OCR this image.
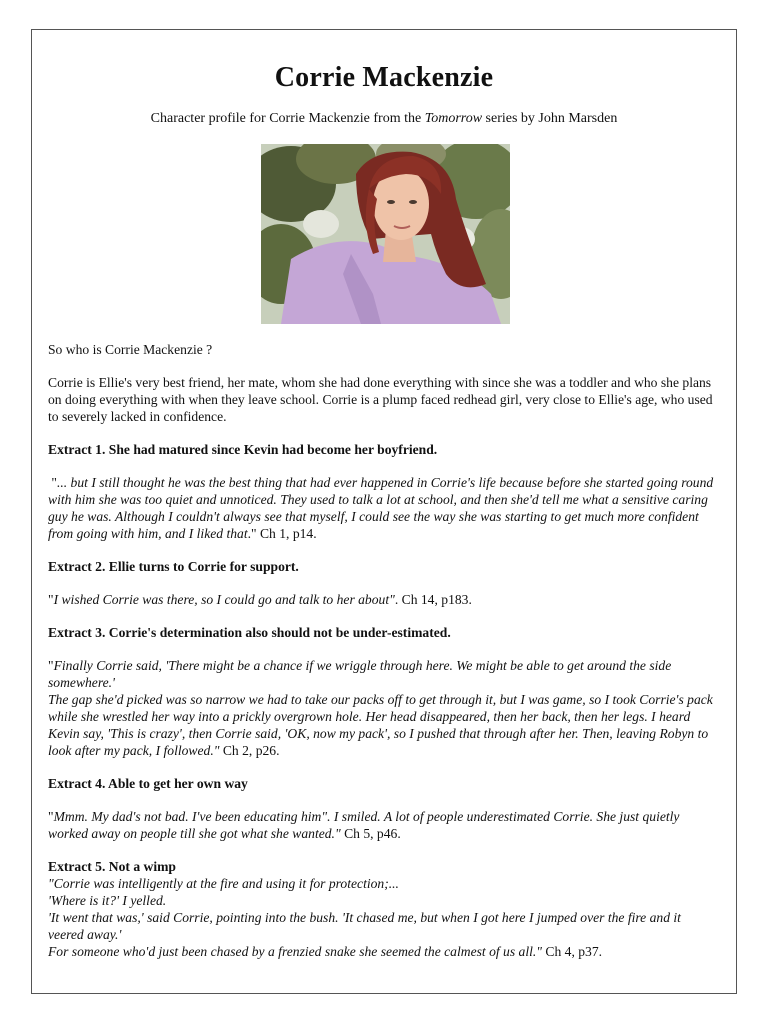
Corrie Mackenzie
Character profile for Corrie Mackenzie from the Tomorrow series by John Marsden

So who is Corrie Mackenzie ?

Corrie is Ellie's very best friend, her mate, whom she had done everything with since she was a toddler and who she plans on doing everything with when they leave school. Corrie is a plump faced redhead girl, very close to Ellie's age, who used to severely lacked in confidence.

Extract 1. She had matured since Kevin had become her boyfriend.

"... but I still thought he was the best thing that had ever happened in Corrie's life because before she started going round with him she was too quiet and unnoticed. They used to talk a lot at school, and then she'd tell me what a sensitive caring guy he was. Although I couldn't always see that myself, I could see the way she was starting to get much more confident from going with him, and I liked that." Ch 1, p14.

Extract 2. Ellie turns to Corrie for support.

"I wished Corrie was there, so I could go and talk to her about". Ch 14, p183.

Extract 3. Corrie's determination also should not be under-estimated.

"Finally Corrie said, 'There might be a chance if we wriggle through here. We might be able to get around the side somewhere.'
The gap she'd picked was so narrow we had to take our packs off to get through it, but I was game, so I took Corrie's pack while she wrestled her way into a prickly overgrown hole. Her head disappeared, then her back, then her legs. I heard Kevin say, 'This is crazy', then Corrie said, 'OK, now my pack', so I pushed that through after her. Then, leaving Robyn to look after my pack, I followed." Ch 2, p26.

Extract 4. Able to get her own way

"Mmm. My dad's not bad. I've been educating him". I smiled. A lot of people underestimated Corrie. She just quietly worked away on people till she got what she wanted." Ch 5, p46.

Extract 5. Not a wimp

"Corrie was intelligently at the fire and using it for protection;...
'Where is it?' I yelled.
'It went that was,' said Corrie, pointing into the bush. 'It chased me, but when I got here I jumped over the fire and it veered away.'
For someone who'd just been chased by a frenzied snake she seemed the calmest of us all." Ch 4, p37.
